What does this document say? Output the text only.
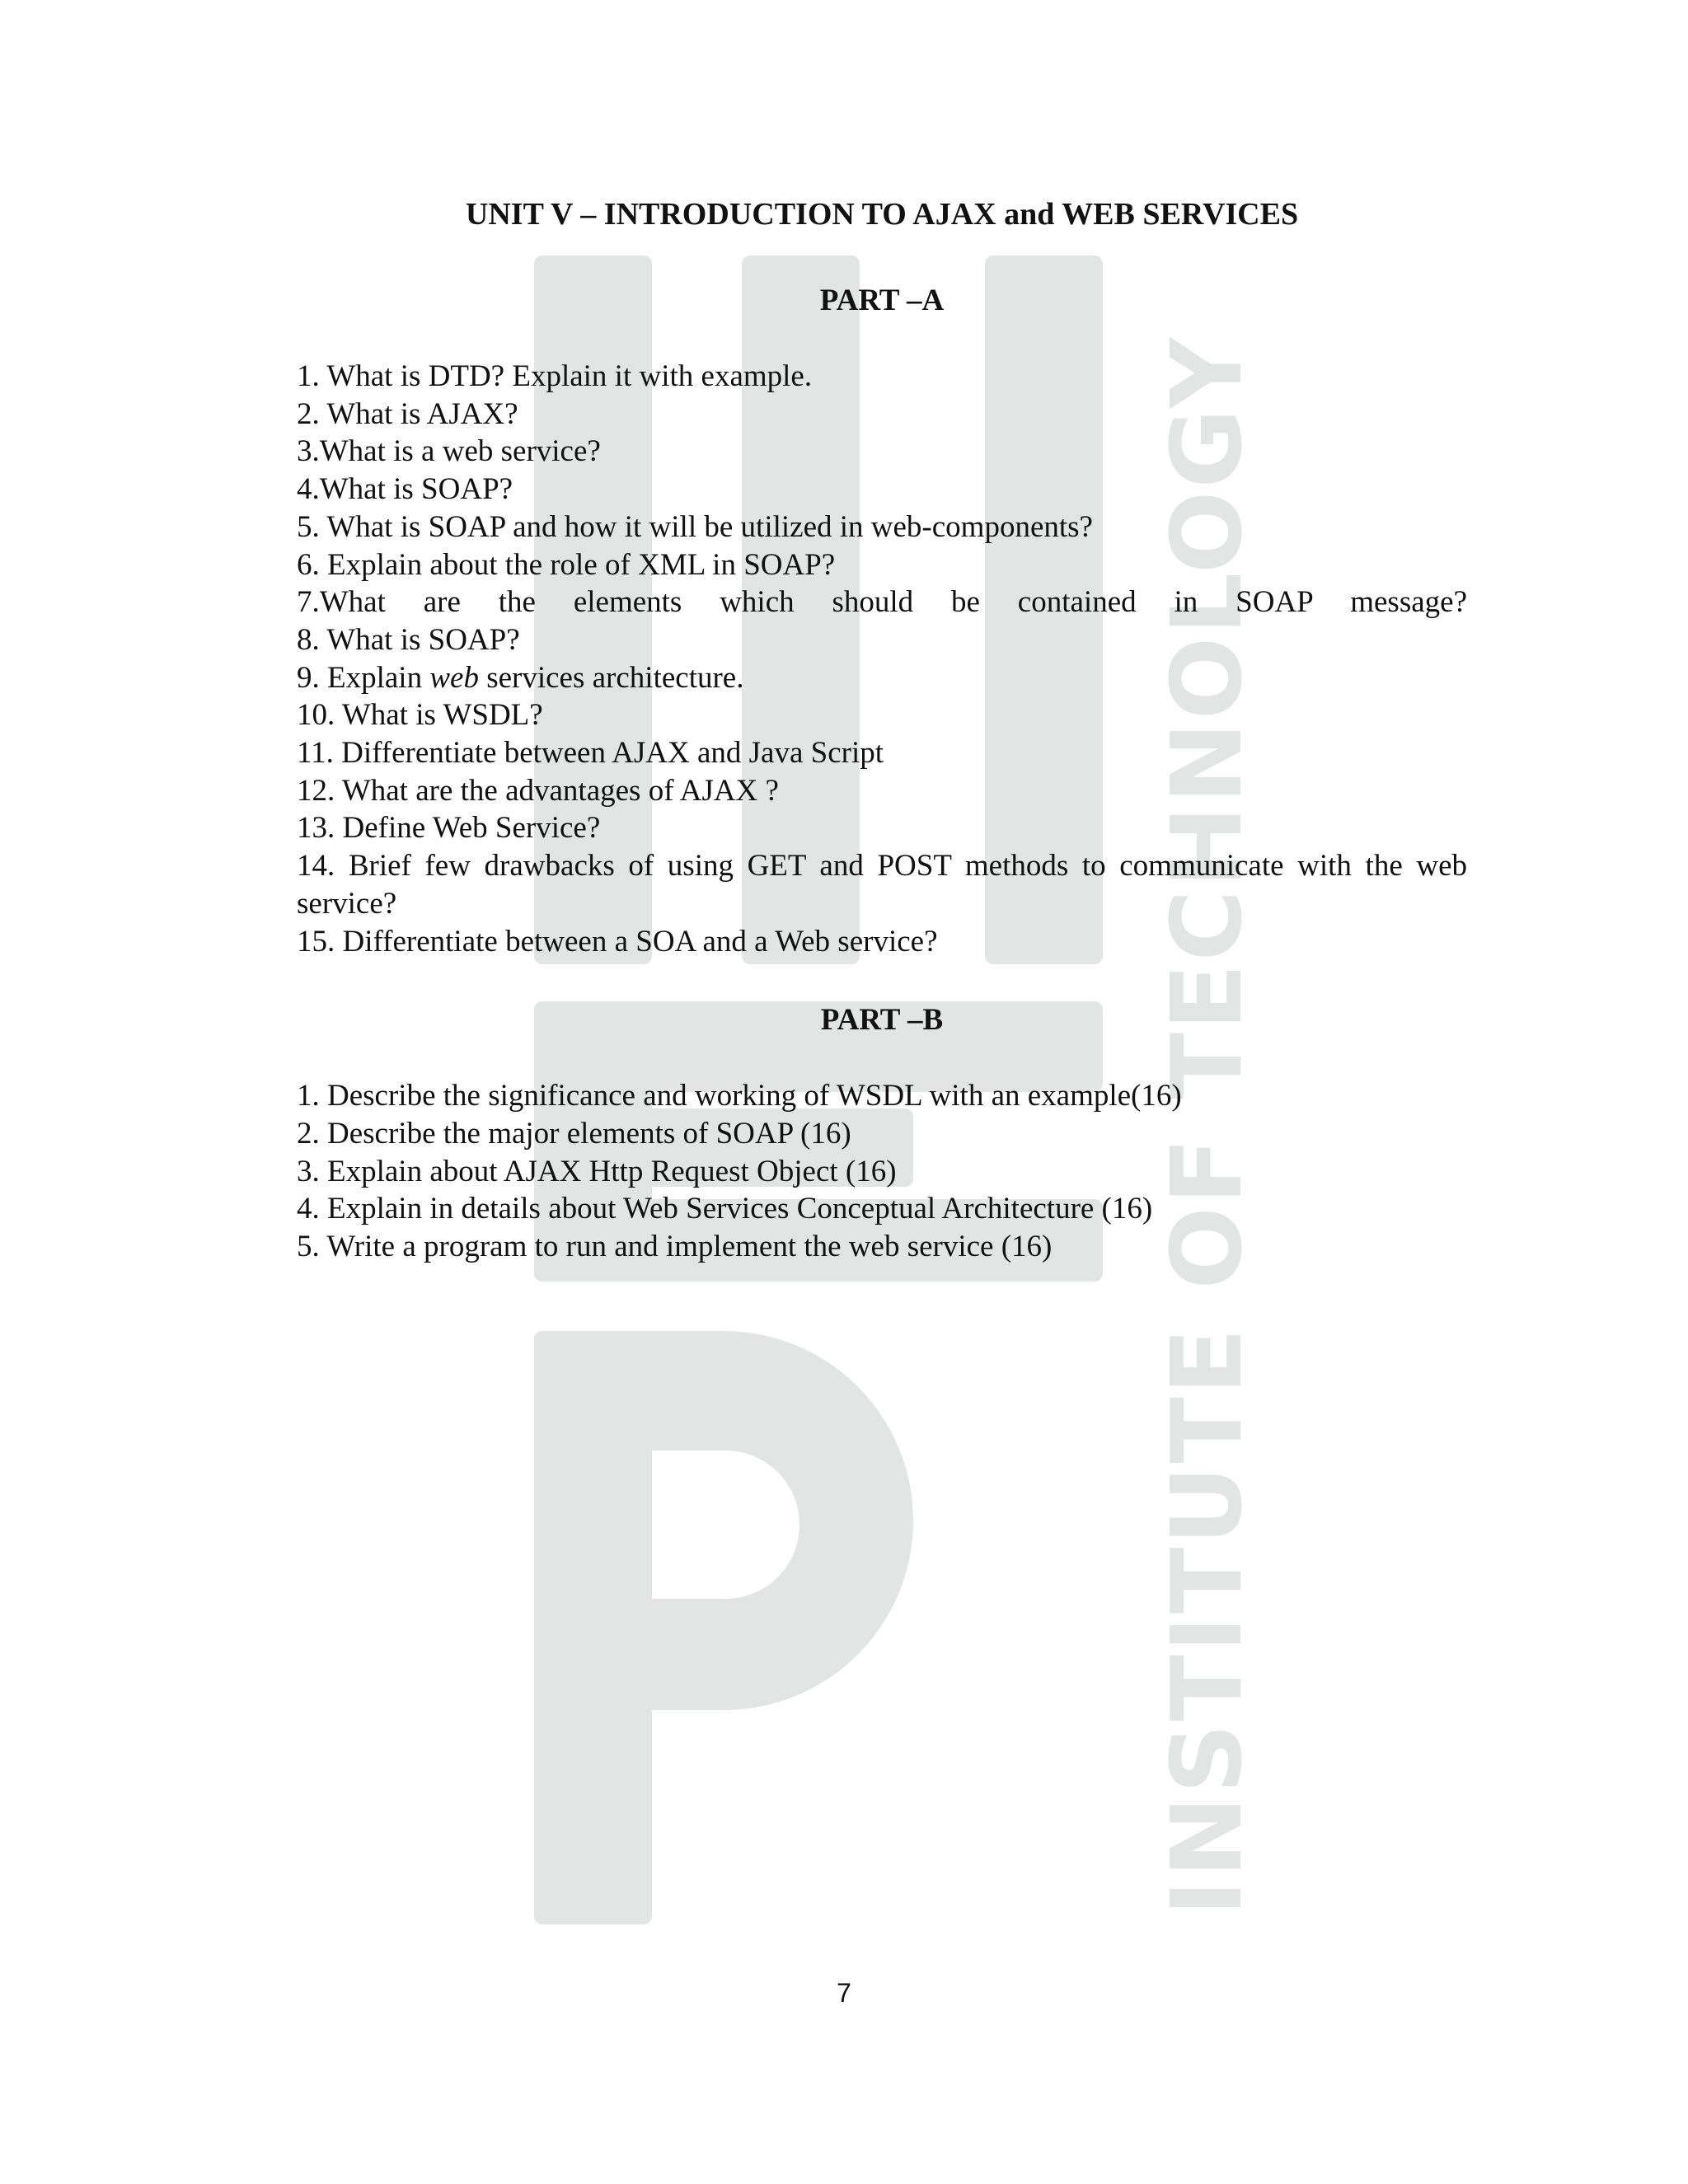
INSTITUTE OF TECHNOLOGY
UNIT V – INTRODUCTION TO AJAX and WEB SERVICES
PART –A
1. What is DTD? Explain it with example.
2. What is AJAX?
3.What is a web service?
4.What is SOAP?
5. What is SOAP and how it will be utilized in web-components?
6. Explain about the role of XML in SOAP?
7.What are the elements which should be contained in SOAP message?
8. What is SOAP?
9. Explain web services architecture.
10. What is WSDL?
11. Differentiate between AJAX and Java Script
12. What are the advantages of AJAX ?
13. Define Web Service?
14. Brief few drawbacks of using GET and POST methods to communicate with the web
service?
15. Differentiate between a SOA and a Web service?
PART –B
1. Describe the significance and working of WSDL with an example(16)
2. Describe the major elements of SOAP (16)
3. Explain about AJAX Http Request Object (16)
4. Explain in details about Web Services Conceptual Architecture (16)
5. Write a program to run and implement the web service (16)
7
